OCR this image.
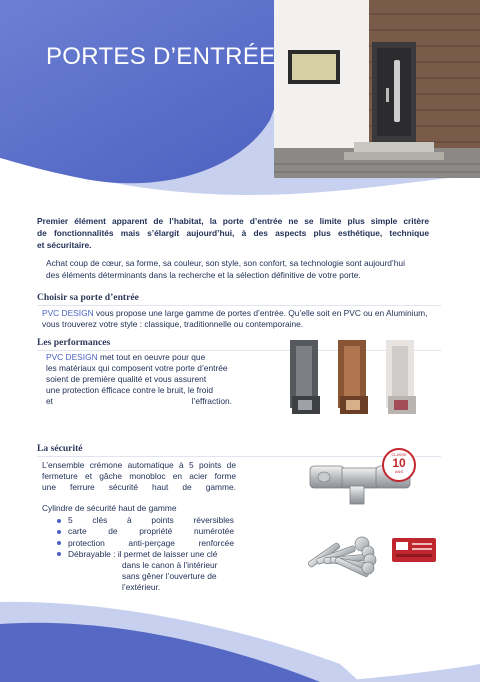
PORTES D’ENTRÉE
Premier élément apparent de l’habitat, la porte d’entrée ne se limite plus simple critère
de fonctionnalités mais s’élargit aujourd’hui, à des aspects plus esthétique, technique
et sécuritaire.
Achat coup de cœur, sa forme, sa couleur, son style, son confort, sa technologie sont aujourd’hui
des éléments déterminants dans la recherche et la sélection définitive de votre porte.
Choisir sa porte d’entrée
PVC DESIGN vous propose une large gamme de portes d’entrée. Qu’elle soit en PVC ou en Aluminium,
vous trouverez votre style : classique, traditionnelle ou contemporaine.
Les performances
PVC DESIGN met tout en oeuvre pour que
les matériaux qui composent votre porte d’entrée
soient de première qualité et vous assurent
une protection éfficace contre le bruit, le froid
et	l’effraction.
La sécurité
L’ensemble crémone automatique à 5 points de
fermeture et gâche monobloc en acier forme
une ferrure sécurité haut de gamme.
Cylindre de sécurité haut de gamme
5 clés à points réversibles
carte	de	propriété	numérotée
protection	anti-perçage	renforcée
Débrayable : il permet de laisser une clé
dans le canon à l’intérieur
sans gêner l’ouverture de
l’extérieur.
CLASSE
10
ANS
